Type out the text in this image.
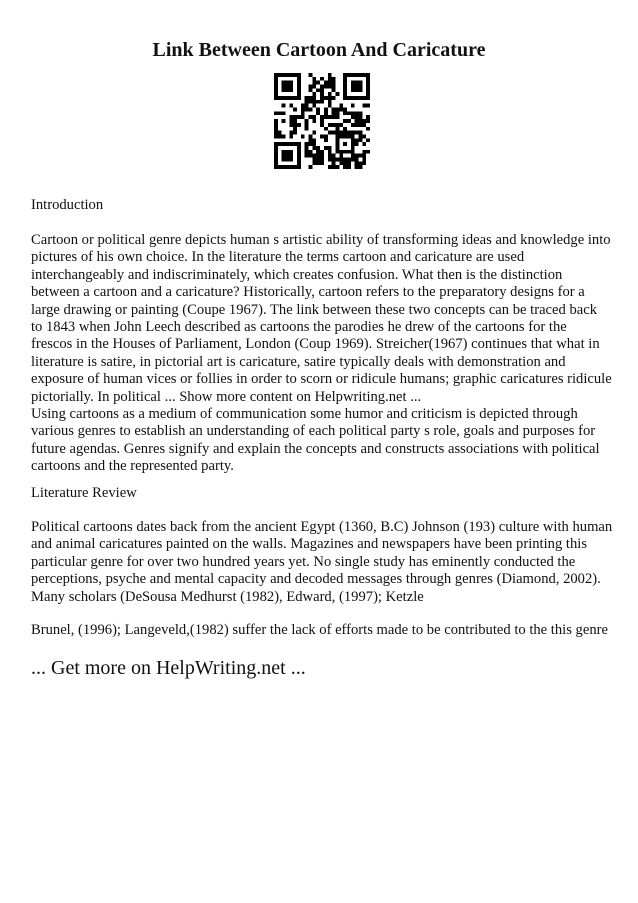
Link Between Cartoon And Caricature

Introduction

Cartoon or political genre depicts human s artistic ability of transforming ideas and knowledge into
pictures of his own choice. In the literature the terms cartoon and caricature are used
interchangeably and indiscriminately, which creates confusion. What then is the distinction
between a cartoon and a caricature? Historically, cartoon refers to the preparatory designs for a
large drawing or painting (Coupe 1967). The link between these two concepts can be traced back
to 1843 when John Leech described as cartoons the parodies he drew of the cartoons for the
frescos in the Houses of Parliament, London (Coup 1969). Streicher(1967) continues that what in
literature is satire, in pictorial art is caricature, satire typically deals with demonstration and
exposure of human vices or follies in order to scorn or ridicule humans; graphic caricatures ridicule
pictorially. In political ... Show more content on Helpwriting.net ...
Using cartoons as a medium of communication some humor and criticism is depicted through
various genres to establish an understanding of each political party s role, goals and purposes for
future agendas. Genres signify and explain the concepts and constructs associations with political
cartoons and the represented party.

Literature Review

Political cartoons dates back from the ancient Egypt (1360, B.C) Johnson (193) culture with human
and animal caricatures painted on the walls. Magazines and newspapers have been printing this
particular genre for over two hundred years yet. No single study has eminently conducted the
perceptions, psyche and mental capacity and decoded messages through genres (Diamond, 2002).
Many scholars (DeSousa Medhurst (1982), Edward, (1997); Ketzle
Brunel, (1996); Langeveld,(1982) suffer the lack of efforts made to be contributed to the this genre

... Get more on HelpWriting.net ...
